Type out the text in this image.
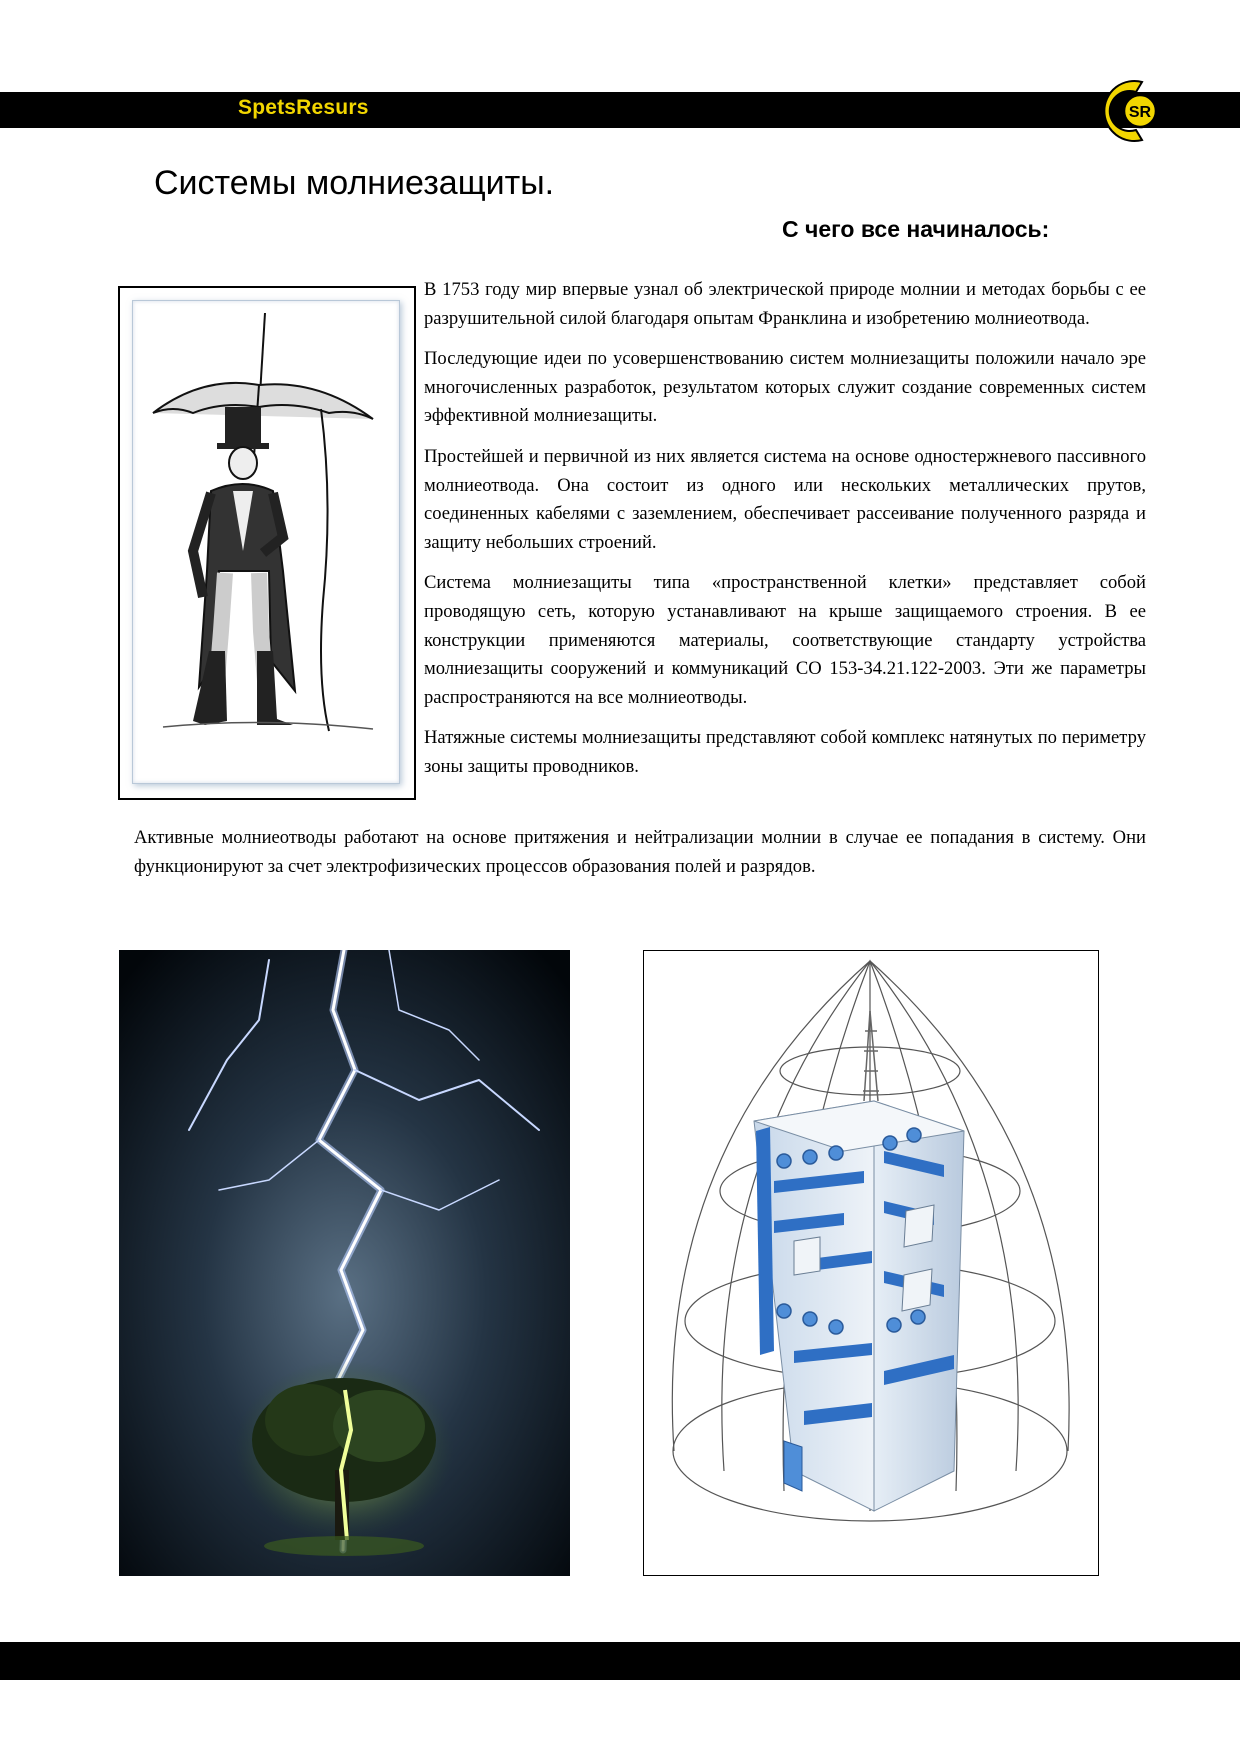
SpetsResurs	SR
Системы молниезащиты.
С чего все начиналось:

В 1753 году мир впервые узнал об электрической природе молнии и методах борьбы с ее разрушительной силой благодаря опытам Франклина и изобретению молниеотвода.

Последующие идеи по усовершенствованию систем молниезащиты положили начало эре многочисленных разработок, результатом которых служит создание современных систем эффективной молниезащиты.

Простейшей и первичной из них является система на основе одностержневого пассивного молниеотвода. Она состоит из одного или нескольких металлических прутов, соединенных кабелями с заземлением, обеспечивает рассеивание полученного разряда и защиту небольших строений.

Система молниезащиты типа «пространственной клетки» представляет собой проводящую сеть, которую устанавливают на крыше защищаемого строения. В ее конструкции применяются материалы, соответствующие стандарту устройства молниезащиты сооружений и коммуникаций СО 153-34.21.122-2003. Эти же параметры распространяются на все молниеотводы.

Натяжные системы молниезащиты представляют собой комплекс натянутых по периметру зоны защиты проводников.

Активные молниеотводы работают на основе притяжения и нейтрализации молнии в случае ее попадания в систему. Они функционируют за счет электрофизических процессов образования полей и разрядов.
